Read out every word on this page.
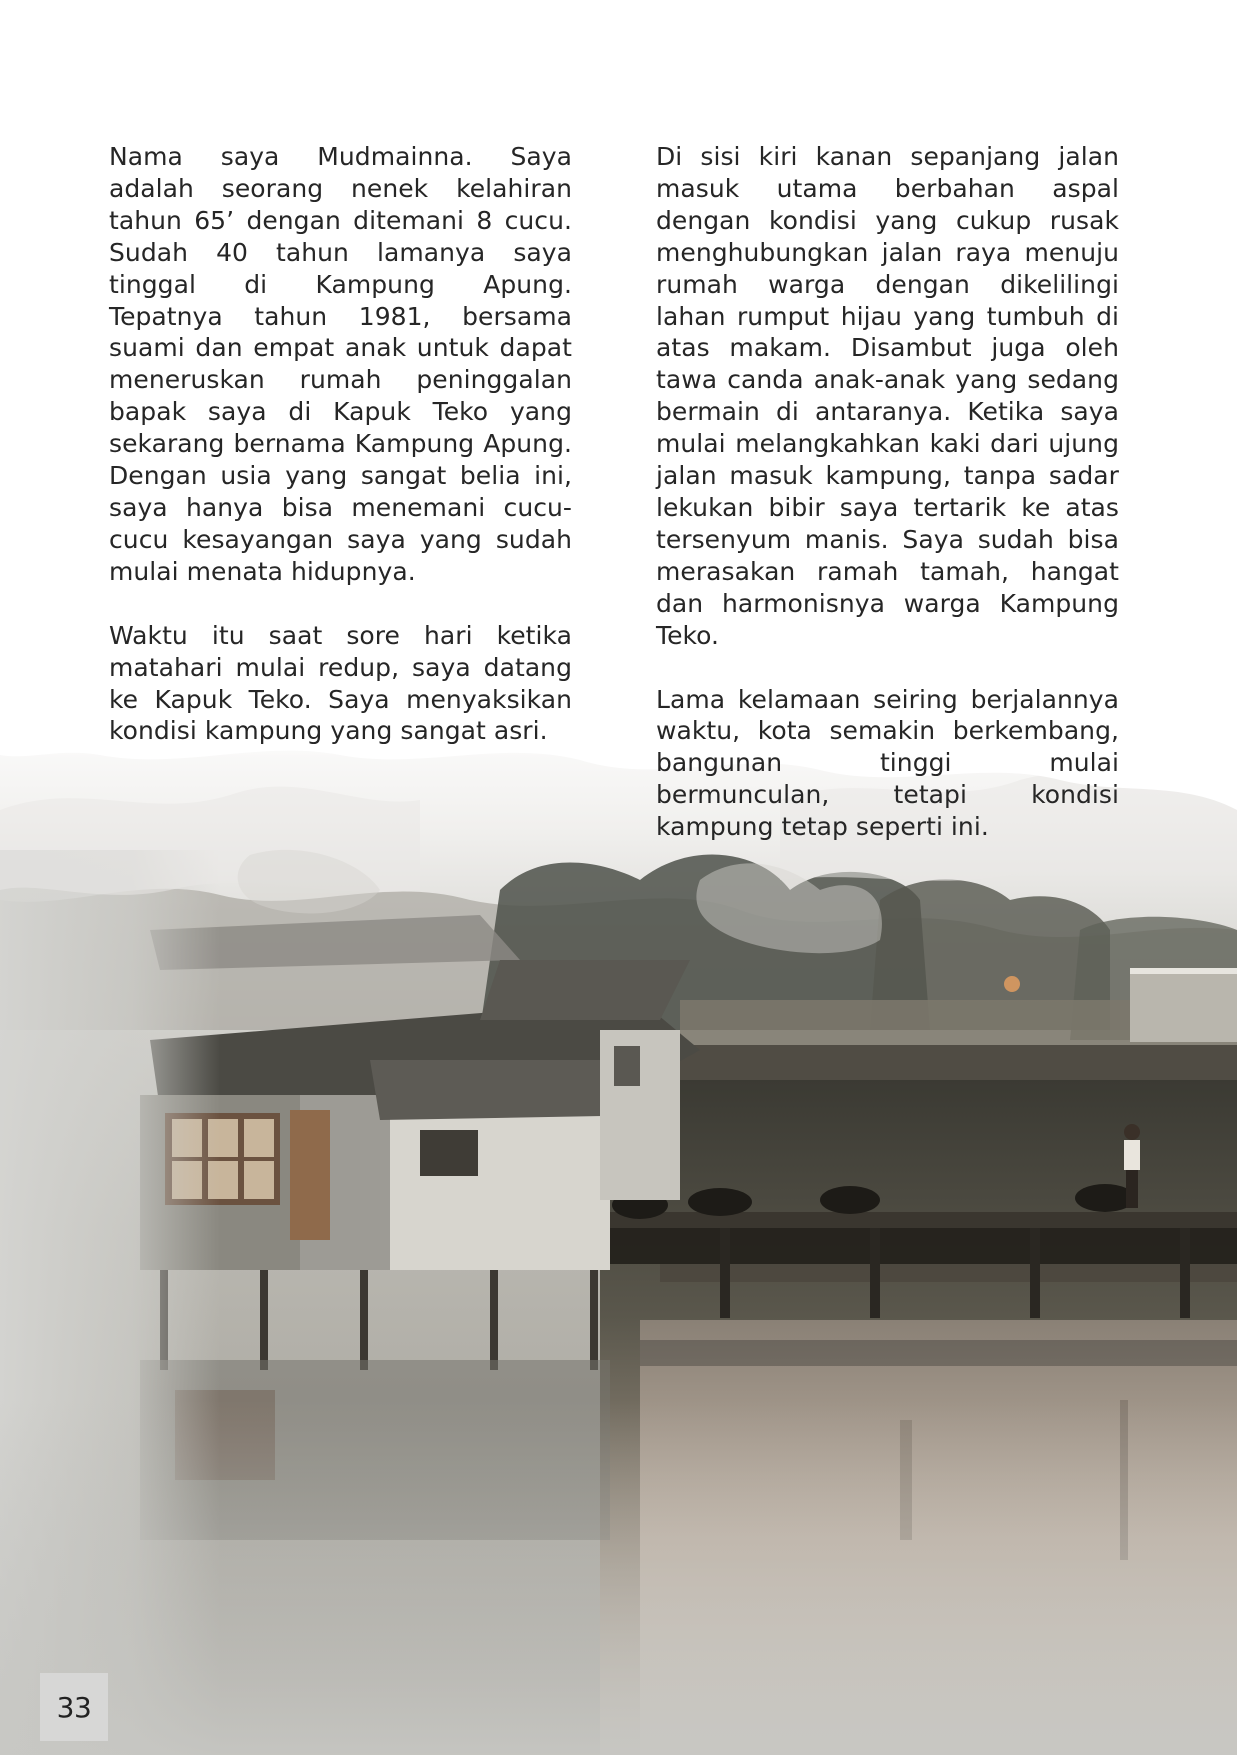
Nama saya Mudmainna. Saya adalah seorang nenek kelahiran tahun 65’ dengan ditemani 8 cucu. Sudah 40 tahun lamanya saya tinggal di Kampung Apung. Tepatnya tahun 1981, bersama suami dan empat anak untuk dapat meneruskan rumah peninggalan bapak saya di Kapuk Teko yang sekarang bernama Kampung Apung. Dengan usia yang sangat belia ini, saya hanya bisa menemani cucu-cucu kesayangan saya yang sudah mulai menata hidupnya.

Waktu itu saat sore hari ketika matahari mulai redup, saya datang ke Kapuk Teko. Saya menyaksikan kondisi kampung yang sangat asri.

Di sisi kiri kanan sepanjang jalan masuk utama berbahan aspal dengan kondisi yang cukup rusak menghubungkan jalan raya menuju rumah warga dengan dikelilingi lahan rumput hijau yang tumbuh di atas makam. Disambut juga oleh tawa canda anak-anak yang sedang bermain di antaranya. Ketika saya mulai melangkahkan kaki dari ujung jalan masuk kampung, tanpa sadar lekukan bibir saya tertarik ke atas tersenyum manis. Saya sudah bisa merasakan ramah tamah, hangat dan harmonisnya warga Kampung Teko.

Lama kelamaan seiring berjalannya waktu, kota semakin berkembang, bangunan tinggi mulai bermunculan, tetapi kondisi kampung tetap seperti ini.

33
